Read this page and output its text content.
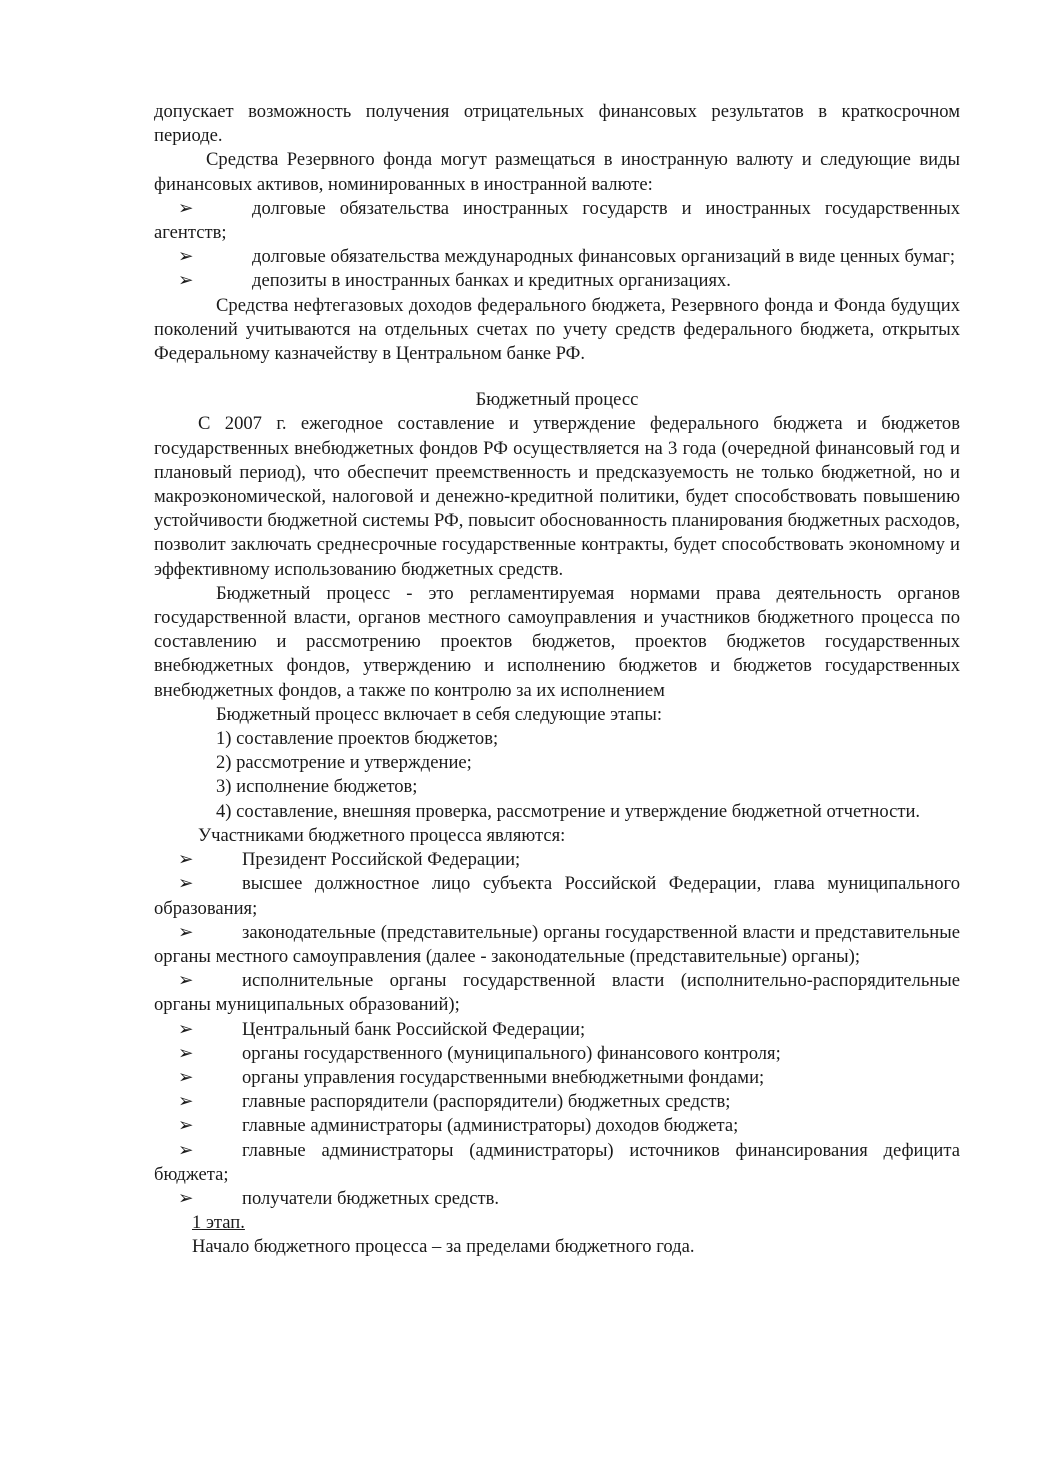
допускает возможность получения отрицательных финансовых результатов в краткосрочном периоде.

Средства Резервного фонда могут размещаться в иностранную валюту и следующие виды финансовых активов, номинированных в иностранной валюте:

➢	долговые обязательства иностранных государств и иностранных государственных агентств;

➢	долговые обязательства международных финансовых организаций в виде ценных бумаг;

➢	депозиты в иностранных банках и кредитных организациях.

Средства нефтегазовых доходов федерального бюджета, Резервного фонда и Фонда будущих поколений учитываются на отдельных счетах по учету средств федерального бюджета, открытых Федеральному казначейству в Центральном банке РФ.

Бюджетный процесс

С 2007 г. ежегодное составление и утверждение федерального бюджета и бюджетов государственных внебюджетных фондов РФ осуществляется на 3 года (очередной финансовый год и плановый период), что обеспечит преемственность и предсказуемость не только бюджетной, но и макроэкономической, налоговой и денежно-кредитной политики, будет способствовать повышению устойчивости бюджетной системы РФ, повысит обоснованность планирования бюджетных расходов, позволит заключать среднесрочные государственные контракты, будет способствовать экономному и эффективному использованию бюджетных средств.

Бюджетный процесс - это регламентируемая нормами права деятельность органов государственной власти, органов местного самоуправления и участников бюджетного процесса по составлению и рассмотрению проектов бюджетов, проектов бюджетов государственных внебюджетных фондов, утверждению и исполнению бюджетов и бюджетов государственных внебюджетных фондов, а также по контролю за их исполнением

Бюджетный процесс включает в себя следующие этапы:

1) составление проектов бюджетов;

2) рассмотрение и утверждение;

3) исполнение бюджетов;

4) составление, внешняя проверка, рассмотрение и утверждение бюджетной отчетности.

Участниками бюджетного процесса являются:

➢	Президент Российской Федерации;

➢	высшее должностное лицо субъекта Российской Федерации, глава муниципального образования;

➢	законодательные (представительные) органы государственной власти и представительные органы местного самоуправления (далее - законодательные (представительные) органы);

➢	исполнительные органы государственной власти (исполнительно-распорядительные органы муниципальных образований);

➢	Центральный банк Российской Федерации;

➢	органы государственного (муниципального) финансового контроля;

➢	органы управления государственными внебюджетными фондами;

➢	главные распорядители (распорядители) бюджетных средств;

➢	главные администраторы (администраторы) доходов бюджета;

➢	главные администраторы (администраторы) источников финансирования дефицита бюджета;

➢	получатели бюджетных средств.

1 этап.

Начало бюджетного процесса – за пределами бюджетного года.
